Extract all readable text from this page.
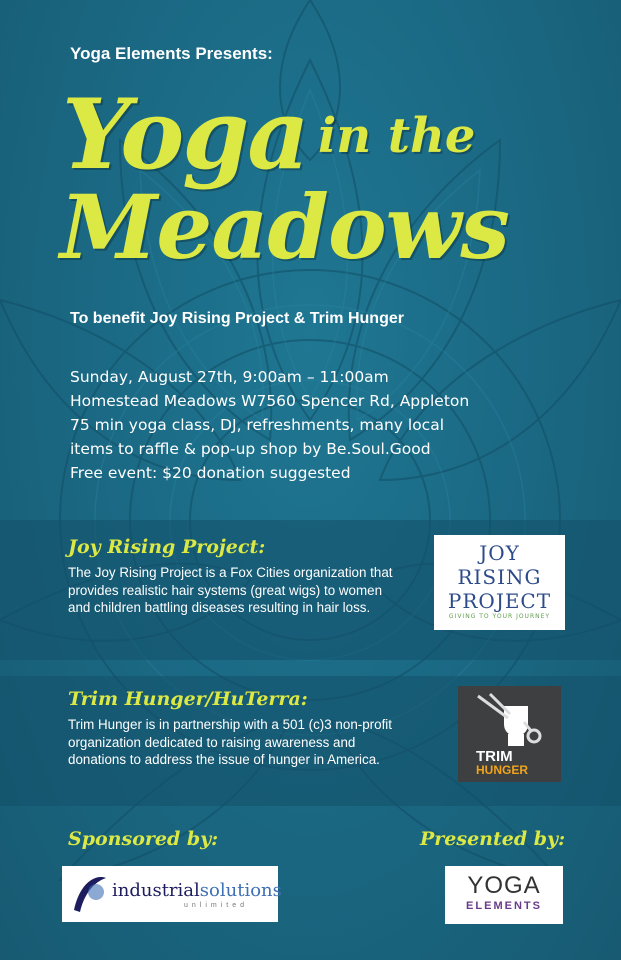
Yoga Elements Presents:
Yoga in the
Meadows
To benefit Joy Rising Project & Trim Hunger
Sunday, August 27th, 9:00am – 11:00am
Homestead Meadows W7560 Spencer Rd, Appleton
75 min yoga class, DJ, refreshments, many local
items to raffle & pop-up shop by Be.Soul.Good
Free event: $20 donation suggested
Joy Rising Project:
The Joy Rising Project is a Fox Cities organization that provides realistic hair systems (great wigs) to women and children battling diseases resulting in hair loss.
JOY
RISING
PROJECT
GIVING TO YOUR JOURNEY
Trim Hunger/HuTerra:
Trim Hunger is in partnership with a 501 (c)3 non-profit organization dedicated to raising awareness and donations to address the issue of hunger in America.	TRIM
HUNGER
Sponsored by:	Presented by:
industrialsolutions
unlimited
YOGA
ELEMENTS
